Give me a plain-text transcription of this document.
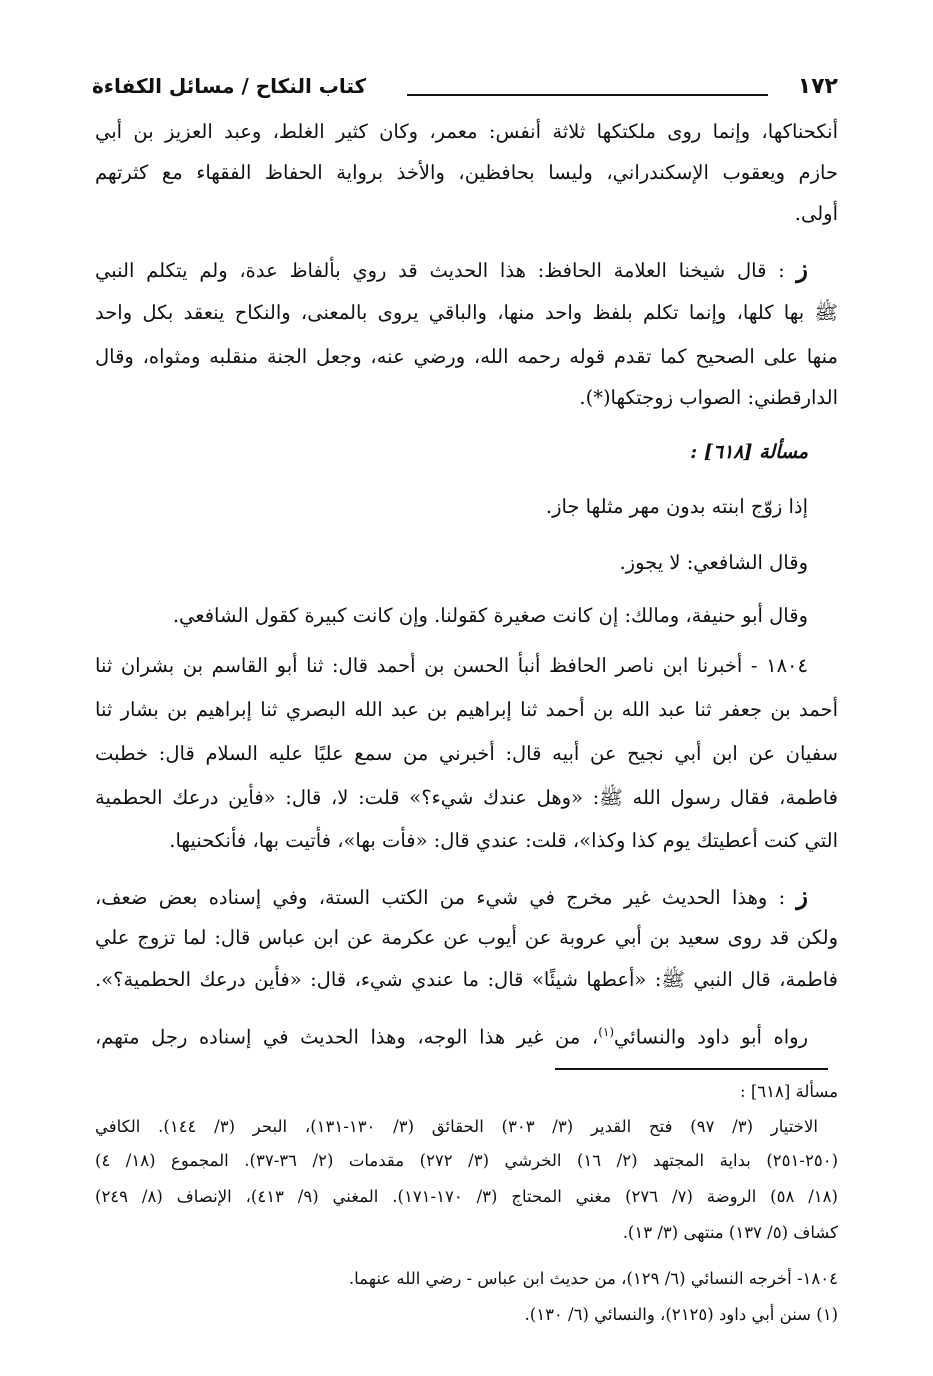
١٧٢
كتاب النكاح / مسائل الكفاءة
أنكحناكها، وإنما روى ملكتكها ثلاثة أنفس: معمر، وكان كثير الغلط، وعبد العزيز بن أبي
حازم ويعقوب الإسكندراني، وليسا بحافظين، والأخذ برواية الحفاظ الفقهاء مع كثرتهم
أولى.
ز : قال شيخنا العلامة الحافظ: هذا الحديث قد روي بألفاظ عدة، ولم يتكلم النبي
ﷺ بها كلها، وإنما تكلم بلفظ واحد منها، والباقي يروى بالمعنى، والنكاح ينعقد بكل واحد
منها على الصحيح كما تقدم قوله رحمه الله، ورضي عنه، وجعل الجنة منقلبه ومثواه، وقال
الدارقطني: الصواب زوجتكها(*).
مسألة [٦١٨] :
إذا زوّج ابنته بدون مهر مثلها جاز.
وقال الشافعي: لا يجوز.
وقال أبو حنيفة، ومالك: إن كانت صغيرة كقولنا. وإن كانت كبيرة كقول الشافعي.
١٨٠٤ - أخبرنا ابن ناصر الحافظ أنبأ الحسن بن أحمد قال: ثنا أبو القاسم بن بشران ثنا
أحمد بن جعفر ثنا عبد الله بن أحمد ثنا إبراهيم بن عبد الله البصري ثنا إبراهيم بن بشار ثنا
سفيان عن ابن أبي نجيح عن أبيه قال: أخبرني من سمع عليًا عليه السلام قال: خطبت
فاطمة، فقال رسول الله ﷺ: «وهل عندك شيء؟» قلت: لا، قال: «فأين درعك الحطمية
التي كنت أعطيتك يوم كذا وكذا»، قلت: عندي قال: «فأت بها»، فأتيت بها، فأنكحنيها.
ز : وهذا الحديث غير مخرج في شيء من الكتب الستة، وفي إسناده بعض ضعف،
ولكن قد روى سعيد بن أبي عروبة عن أيوب عن عكرمة عن ابن عباس قال: لما تزوج علي
فاطمة، قال النبي ﷺ: «أعطها شيئًا» قال: ما عندي شيء، قال: «فأين درعك الحطمية؟».
رواه أبو داود والنسائي$^{(١)}$، من غير هذا الوجه، وهذا الحديث في إسناده رجل متهم،
مسألة [٦١٨] :
الاختيار (٣/ ٩٧) فتح القدير (٣/ ٣٠٣) الحقائق (٣/ ١٣٠-١٣١)، البحر (٣/ ١٤٤). الكافي
(٢٥٠-٢٥١) بداية المجتهد (٢/ ١٦) الخرشي (٣/ ٢٧٢) مقدمات (٢/ ٣٦-٣٧). المجموع (١٨/ ٤)
(١٨/ ٥٨) الروضة (٧/ ٢٧٦) مغني المحتاج (٣/ ١٧٠-١٧١). المغني (٩/ ٤١٣)، الإنصاف (٨/ ٢٤٩)
كشاف (٥/ ١٣٧) منتهى (٣/ ١٣).
١٨٠٤- أخرجه النسائي (٦/ ١٢٩)، من حديث ابن عباس - رضي الله عنهما.
(١) سنن أبي داود (٢١٢٥)، والنسائي (٦/ ١٣٠).
